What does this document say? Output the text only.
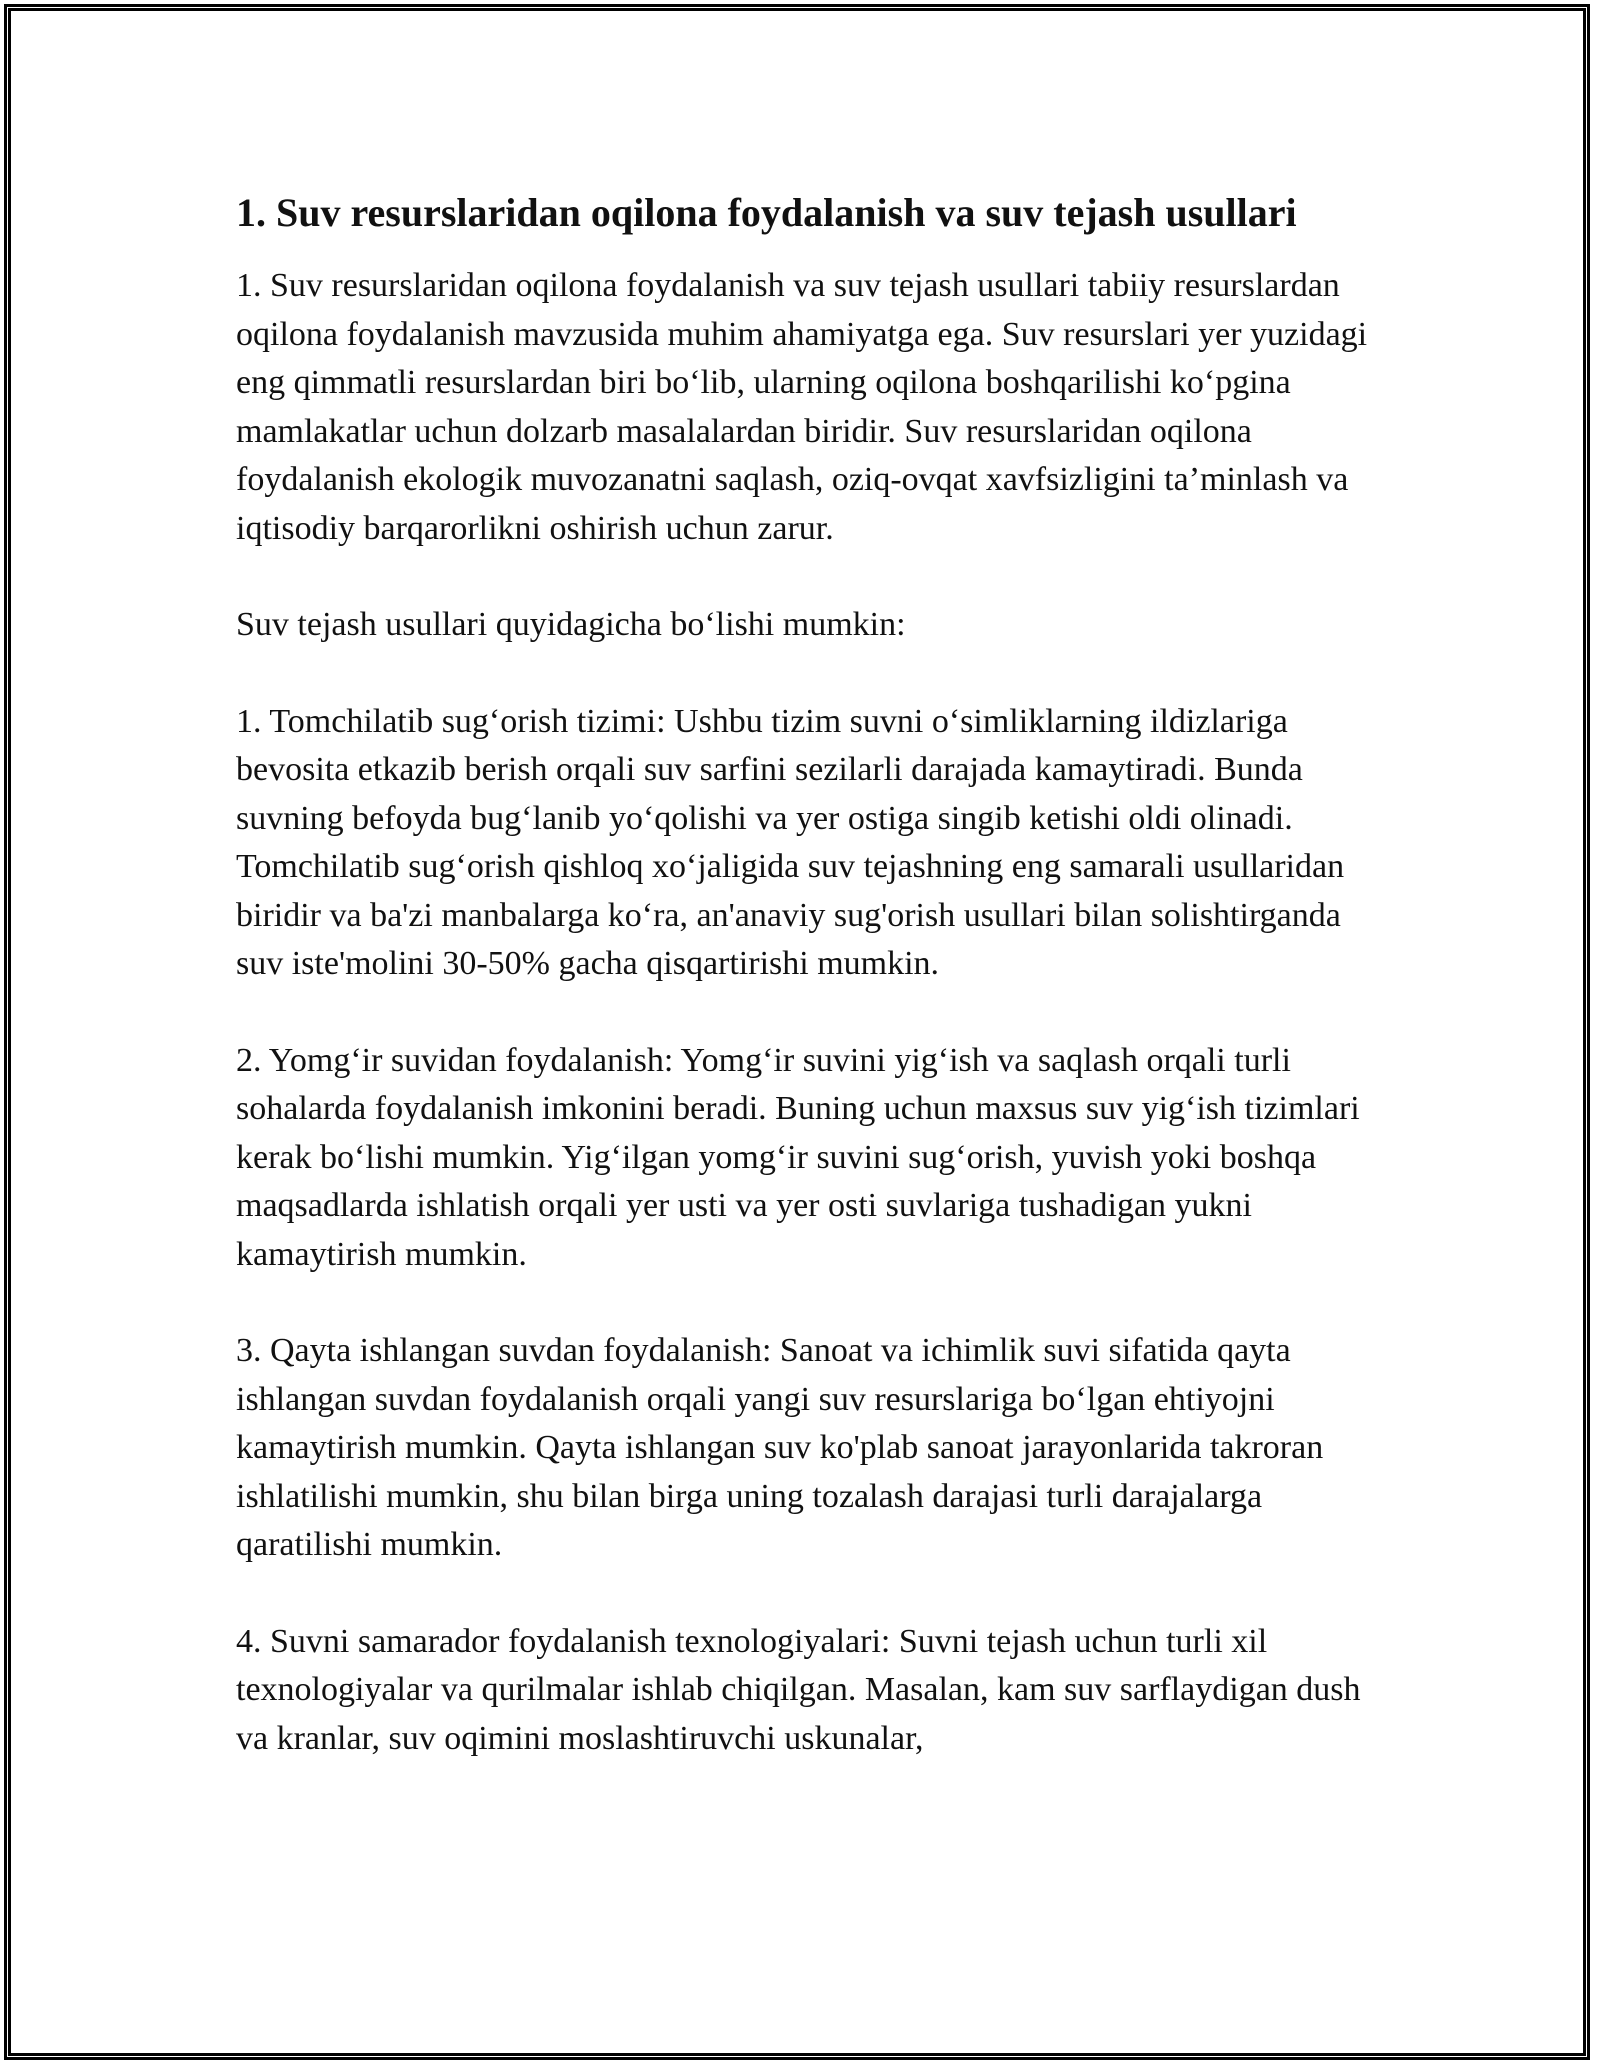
1. Suv resurslaridan oqilona foydalanish va suv tejash usullari

1. Suv resurslaridan oqilona foydalanish va suv tejash usullari tabiiy resurslardan oqilona foydalanish mavzusida muhim ahamiyatga ega. Suv resurslari yer yuzidagi eng qimmatli resurslardan biri bo‘lib, ularning oqilona boshqarilishi ko‘pgina mamlakatlar uchun dolzarb masalalardan biridir. Suv resurslaridan oqilona foydalanish ekologik muvozanatni saqlash, oziq-ovqat xavfsizligini ta’minlash va iqtisodiy barqarorlikni oshirish uchun zarur.

Suv tejash usullari quyidagicha bo‘lishi mumkin:

1. Tomchilatib sug‘orish tizimi: Ushbu tizim suvni o‘simliklarning ildizlariga bevosita etkazib berish orqali suv sarfini sezilarli darajada kamaytiradi. Bunda suvning befoyda bug‘lanib yo‘qolishi va yer ostiga singib ketishi oldi olinadi. Tomchilatib sug‘orish qishloq xo‘jaligida suv tejashning eng samarali usullaridan biridir va ba'zi manbalarga ko‘ra, an'anaviy sug'orish usullari bilan solishtirganda suv iste'molini 30-50% gacha qisqartirishi mumkin.

2. Yomg‘ir suvidan foydalanish: Yomg‘ir suvini yig‘ish va saqlash orqali turli sohalarda foydalanish imkonini beradi. Buning uchun maxsus suv yig‘ish tizimlari kerak bo‘lishi mumkin. Yig‘ilgan yomg‘ir suvini sug‘orish, yuvish yoki boshqa maqsadlarda ishlatish orqali yer usti va yer osti suvlariga tushadigan yukni kamaytirish mumkin.

3. Qayta ishlangan suvdan foydalanish: Sanoat va ichimlik suvi sifatida qayta ishlangan suvdan foydalanish orqali yangi suv resurslariga bo‘lgan ehtiyojni kamaytirish mumkin. Qayta ishlangan suv ko'plab sanoat jarayonlarida takroran ishlatilishi mumkin, shu bilan birga uning tozalash darajasi turli darajalarga qaratilishi mumkin.

4. Suvni samarador foydalanish texnologiyalari: Suvni tejash uchun turli xil texnologiyalar va qurilmalar ishlab chiqilgan. Masalan, kam suv sarflaydigan dush va kranlar, suv oqimini moslashtiruvchi uskunalar,
